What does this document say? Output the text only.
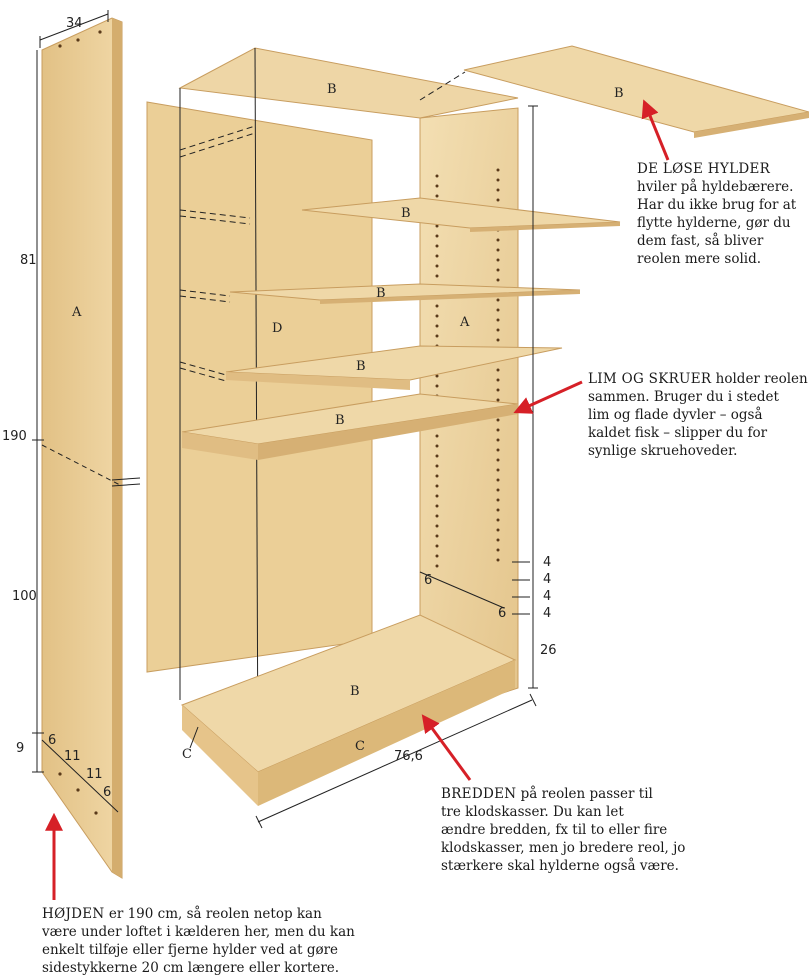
A
A
D
B	B
B
B
B
B
B
C
C
34
81
190
100
9
6
11
11
6
4
4
4
4
6
6
26
76,6
DE LØSE HYLDER
hviler på hyldebærere.
Har du ikke brug for at
flytte hylderne, gør du
dem fast, så bliver
reolen mere solid.
LIM OG SKRUER holder reolen
sammen. Bruger du i stedet
lim og flade dyvler – også
kaldet fisk – slipper du for
synlige skruehoveder.
BREDDEN på reolen passer til
tre klodskasser. Du kan let
ændre bredden, fx til to eller fire
klodskasser, men jo bredere reol, jo
stærkere skal hylderne også være.
HØJDEN er 190 cm, så reolen netop kan
være under loftet i kælderen her, men du kan
enkelt tilføje eller fjerne hylder ved at gøre
sidestykkerne 20 cm længere eller kortere.
